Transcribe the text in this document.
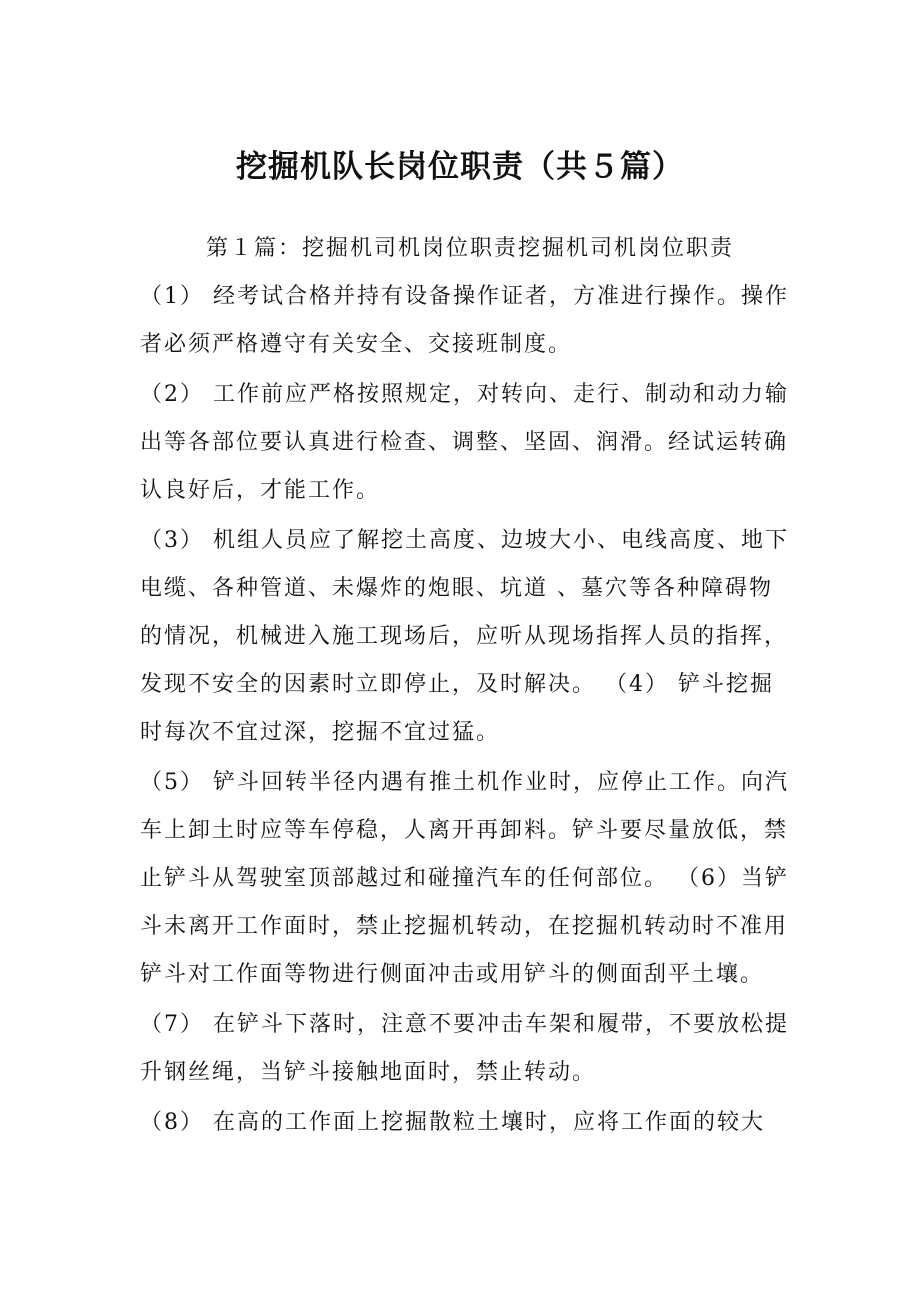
挖掘机队长岗位职责（共５篇）

第１篇：挖掘机司机岗位职责挖掘机司机岗位职责

（1） 经考试合格并持有设备操作证者，方准进行操作。操作者必须严格遵守有关安全、交接班制度。

（2） 工作前应严格按照规定，对转向、走行、制动和动力输出等各部位要认真进行检查、调整、坚固、润滑。经试运转确认良好后，才能工作。

（3） 机组人员应了解挖土高度、边坡大小、电线高度、地下电缆、各种管道、未爆炸的炮眼、坑道 、墓穴等各种障碍物的情况，机械进入施工现场后，应听从现场指挥人员的指挥，发现不安全的因素时立即停止，及时解决。 （4） 铲斗挖掘时每次不宜过深，挖掘不宜过猛。

（5） 铲斗回转半径内遇有推土机作业时，应停止工作。向汽车上卸土时应等车停稳，人离开再卸料。铲斗要尽量放低，禁止铲斗从驾驶室顶部越过和碰撞汽车的任何部位。 （6）当铲斗未离开工作面时，禁止挖掘机转动，在挖掘机转动时不准用铲斗对工作面等物进行侧面冲击或用铲斗的侧面刮平土壤。

（7） 在铲斗下落时，注意不要冲击车架和履带，不要放松提升钢丝绳，当铲斗接触地面时，禁止转动。

（8） 在高的工作面上挖掘散粒土壤时，应将工作面的较大
